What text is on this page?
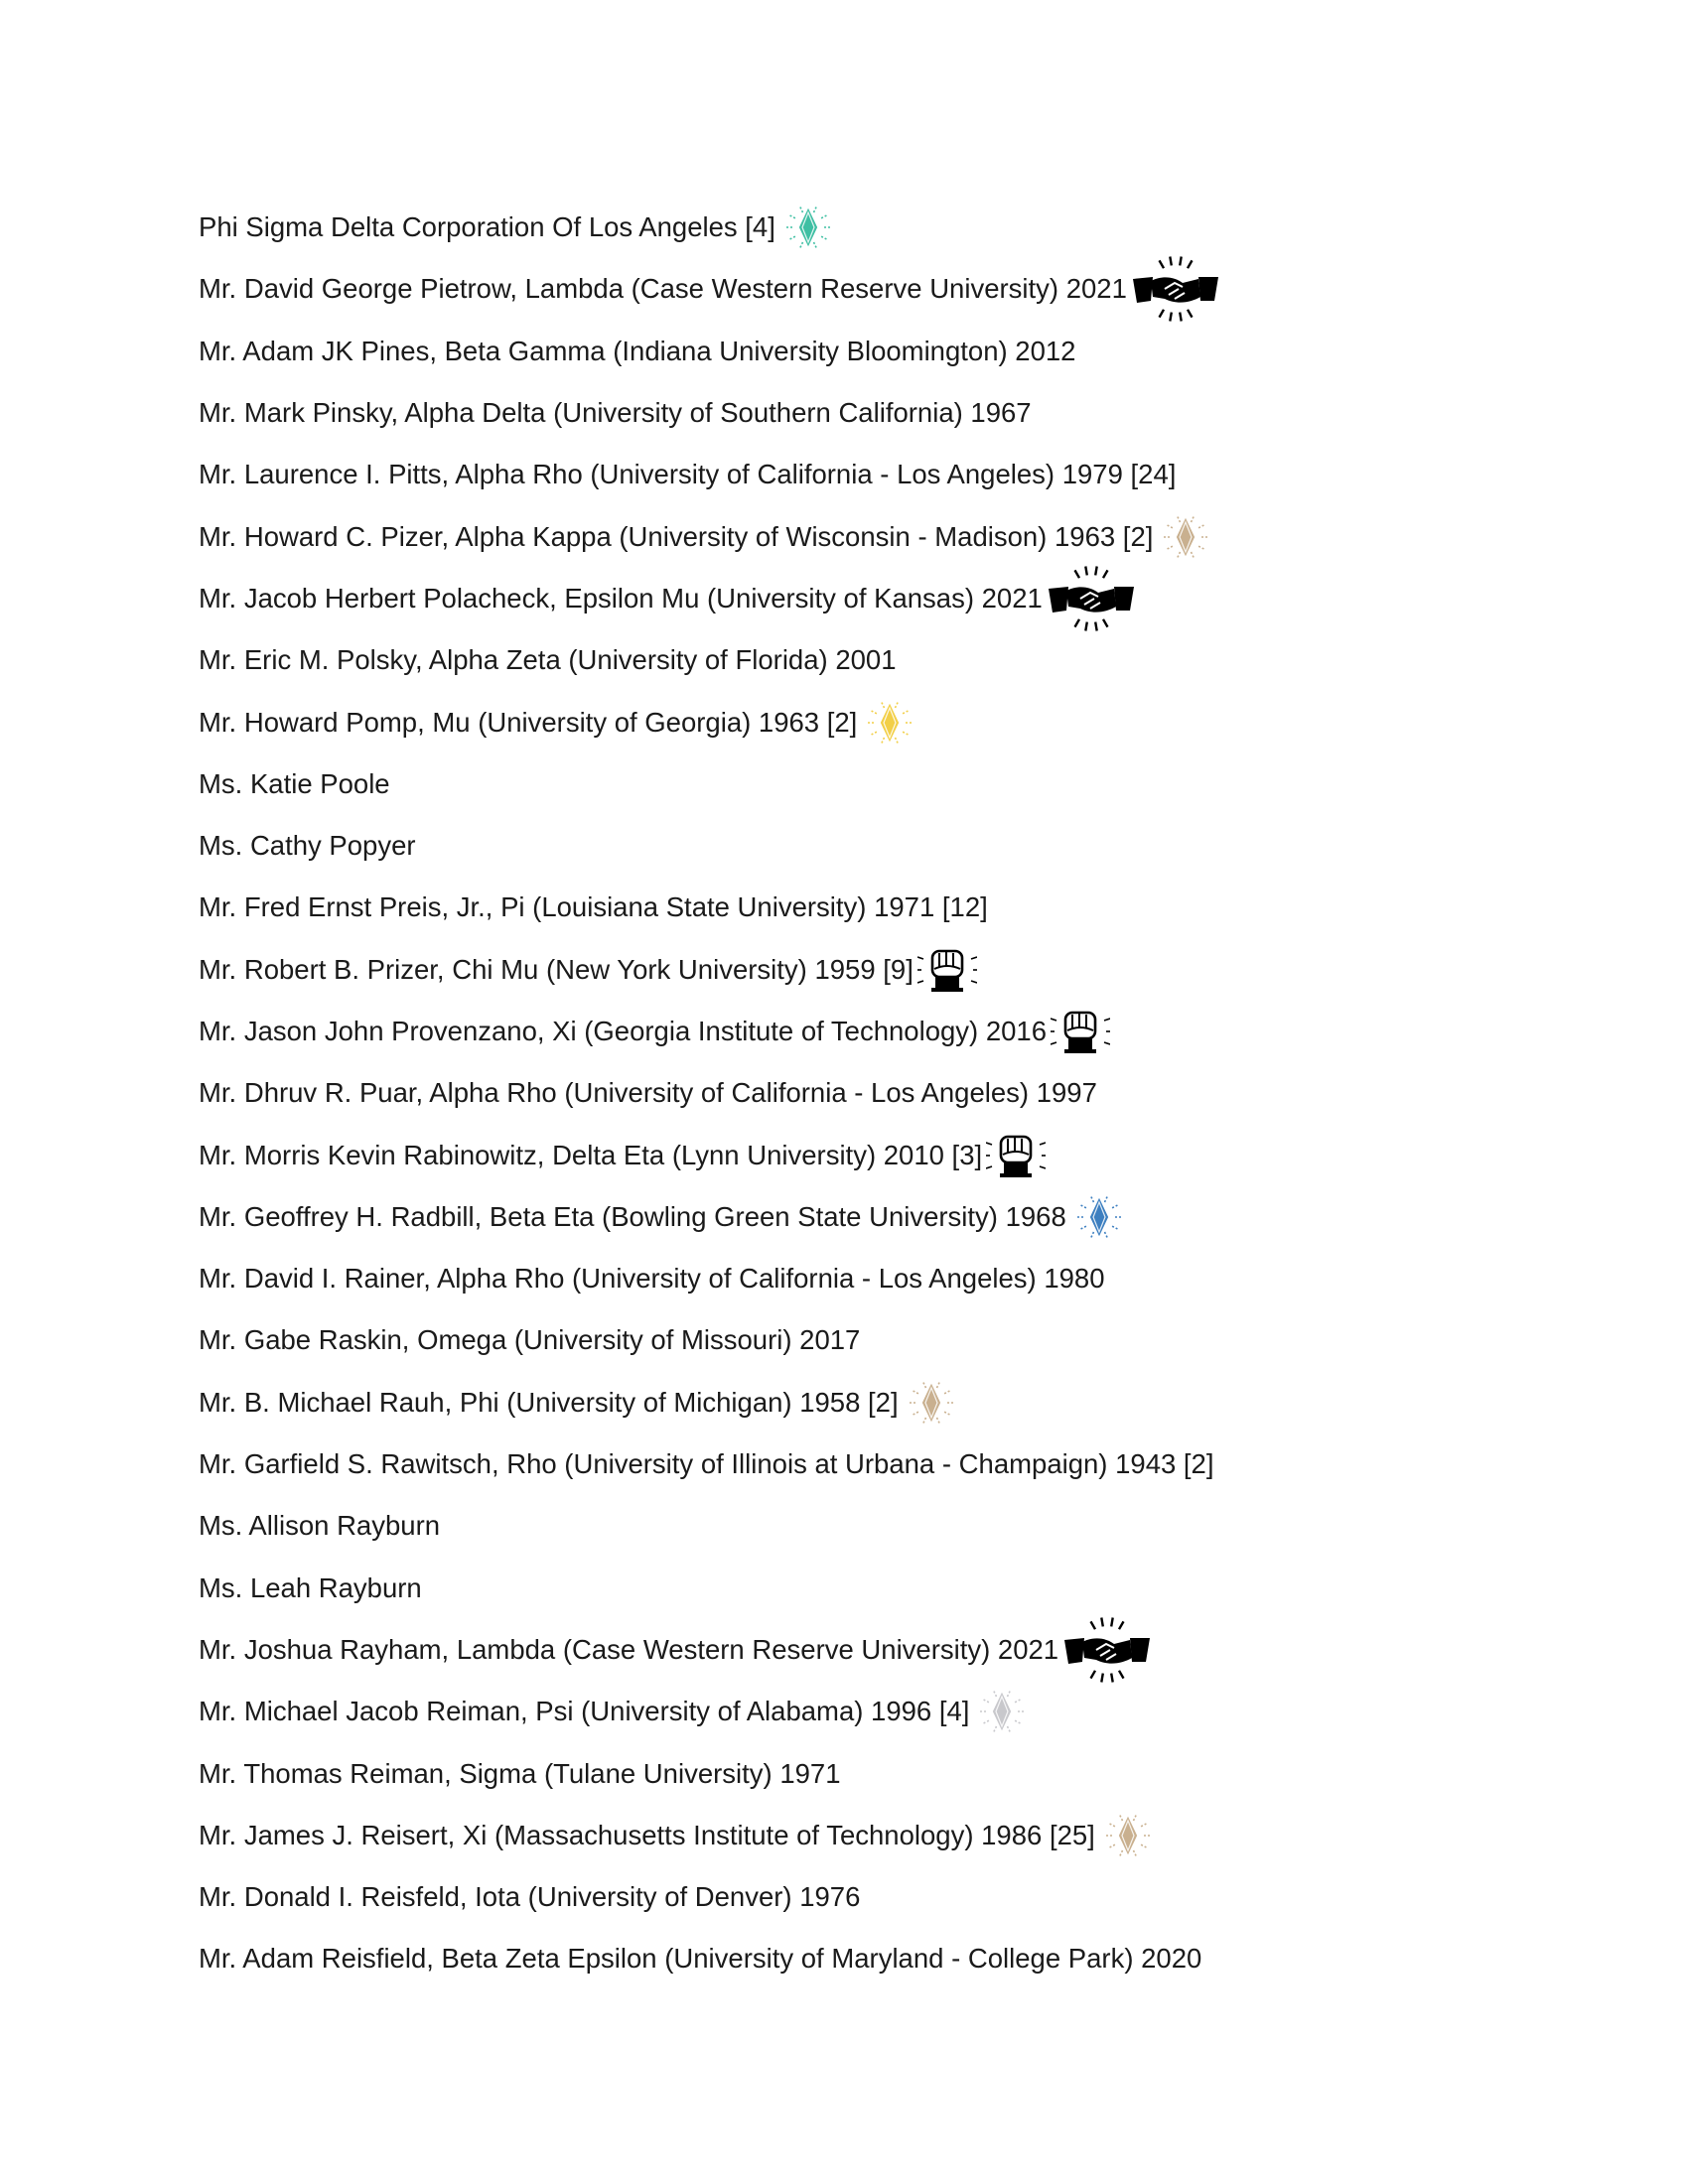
Phi Sigma Delta Corporation Of Los Angeles [4]
Mr. David George Pietrow, Lambda (Case Western Reserve University) 2021
Mr. Adam JK Pines, Beta Gamma (Indiana University Bloomington) 2012
Mr. Mark Pinsky, Alpha Delta (University of Southern California) 1967
Mr. Laurence I. Pitts, Alpha Rho (University of California - Los Angeles) 1979 [24]
Mr. Howard C. Pizer, Alpha Kappa (University of Wisconsin - Madison) 1963 [2]
Mr. Jacob Herbert Polacheck, Epsilon Mu (University of Kansas) 2021
Mr. Eric M. Polsky, Alpha Zeta (University of Florida) 2001
Mr. Howard Pomp, Mu (University of Georgia) 1963 [2]
Ms. Katie Poole
Ms. Cathy Popyer
Mr. Fred Ernst Preis, Jr., Pi (Louisiana State University) 1971 [12]
Mr. Robert B. Prizer, Chi Mu (New York University) 1959 [9]
Mr. Jason John Provenzano, Xi (Georgia Institute of Technology) 2016
Mr. Dhruv R. Puar, Alpha Rho (University of California - Los Angeles) 1997
Mr. Morris Kevin Rabinowitz, Delta Eta (Lynn University) 2010 [3]
Mr. Geoffrey H. Radbill, Beta Eta (Bowling Green State University) 1968
Mr. David I. Rainer, Alpha Rho (University of California - Los Angeles) 1980
Mr. Gabe Raskin, Omega (University of Missouri) 2017
Mr. B. Michael Rauh, Phi (University of Michigan) 1958 [2]
Mr. Garfield S. Rawitsch, Rho (University of Illinois at Urbana - Champaign) 1943 [2]
Ms. Allison Rayburn
Ms. Leah Rayburn
Mr. Joshua Rayham, Lambda (Case Western Reserve University) 2021
Mr. Michael Jacob Reiman, Psi (University of Alabama) 1996 [4]
Mr. Thomas Reiman, Sigma (Tulane University) 1971
Mr. James J. Reisert, Xi (Massachusetts Institute of Technology) 1986 [25]
Mr. Donald I. Reisfeld, Iota (University of Denver) 1976
Mr. Adam Reisfield, Beta Zeta Epsilon (University of Maryland - College Park) 2020
